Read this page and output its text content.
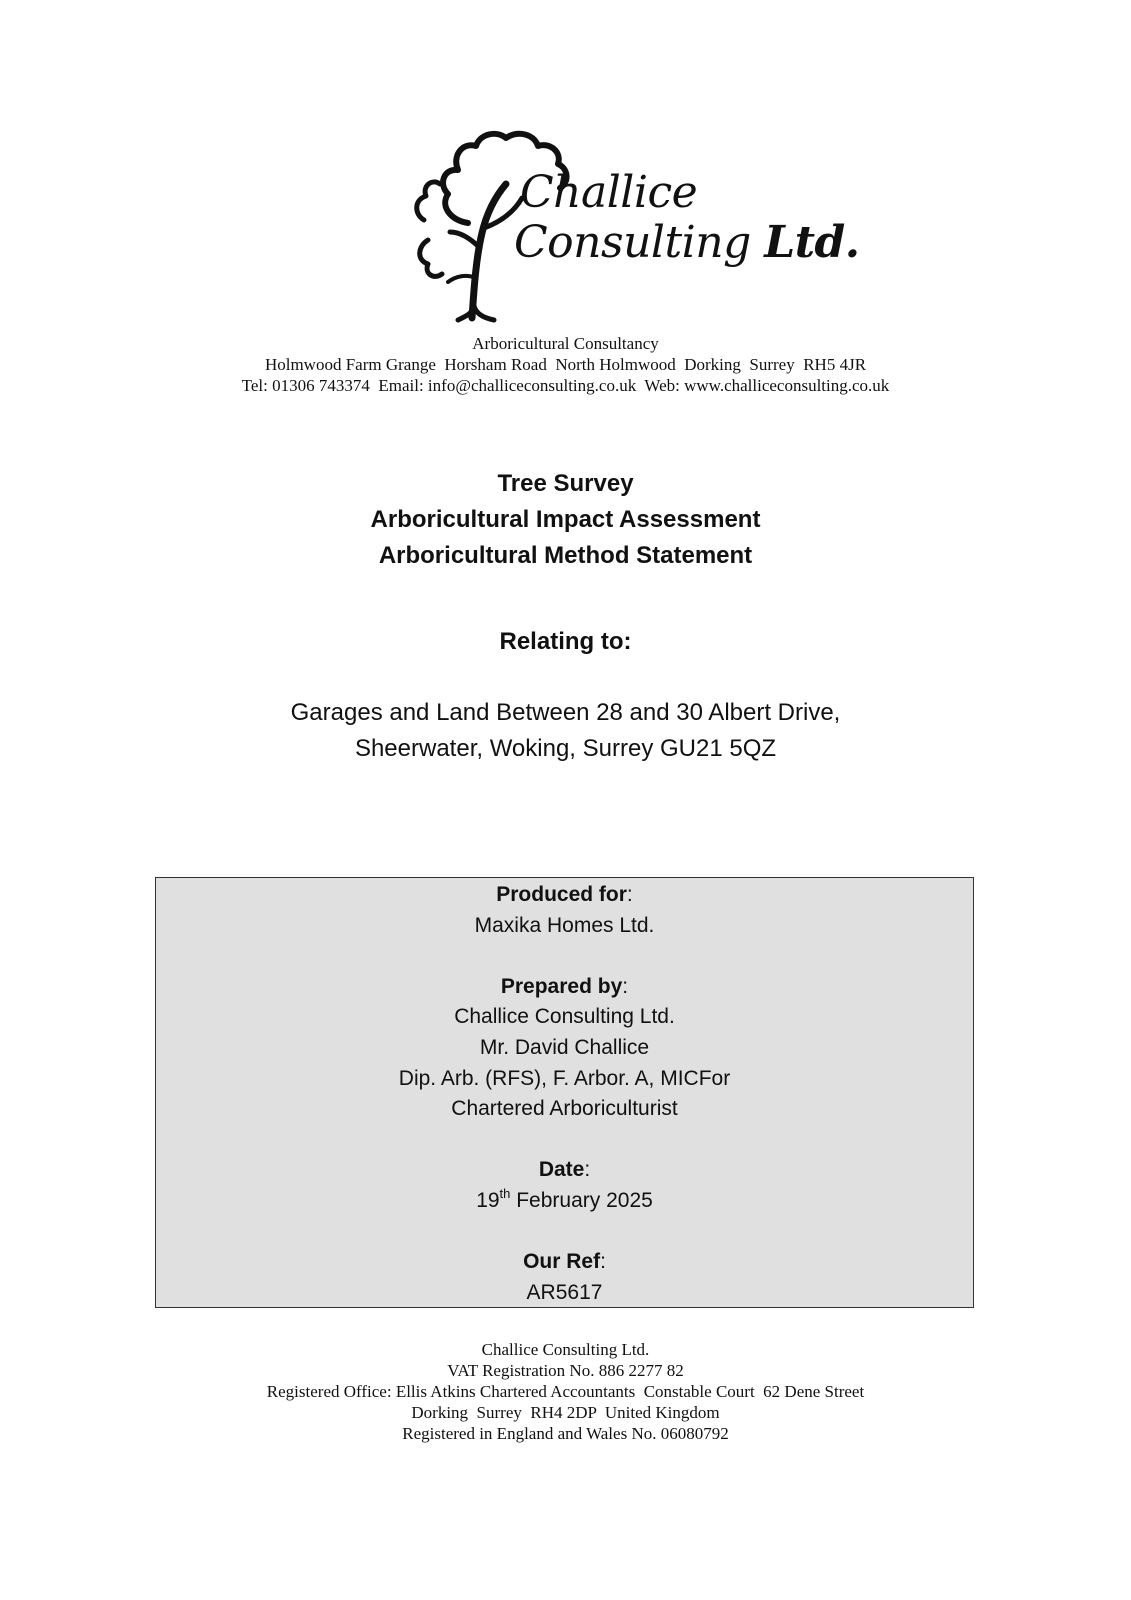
Challice
Consulting Ltd.
Arboricultural Consultancy
Holmwood Farm Grange  Horsham Road  North Holmwood  Dorking  Surrey  RH5 4JR
Tel: 01306 743374  Email: info@challiceconsulting.co.uk  Web: www.challiceconsulting.co.uk
Tree Survey
Arboricultural Impact Assessment
Arboricultural Method Statement
Relating to:
Garages and Land Between 28 and 30 Albert Drive,
Sheerwater, Woking, Surrey GU21 5QZ
Produced for:
Maxika Homes Ltd.
Prepared by:
Challice Consulting Ltd.
Mr. David Challice
Dip. Arb. (RFS), F. Arbor. A, MICFor
Chartered Arboriculturist
Date:
19th February 2025
Our Ref:
AR5617
Challice Consulting Ltd.
VAT Registration No. 886 2277 82
Registered Office: Ellis Atkins Chartered Accountants  Constable Court  62 Dene Street
Dorking  Surrey  RH4 2DP  United Kingdom
Registered in England and Wales No. 06080792
